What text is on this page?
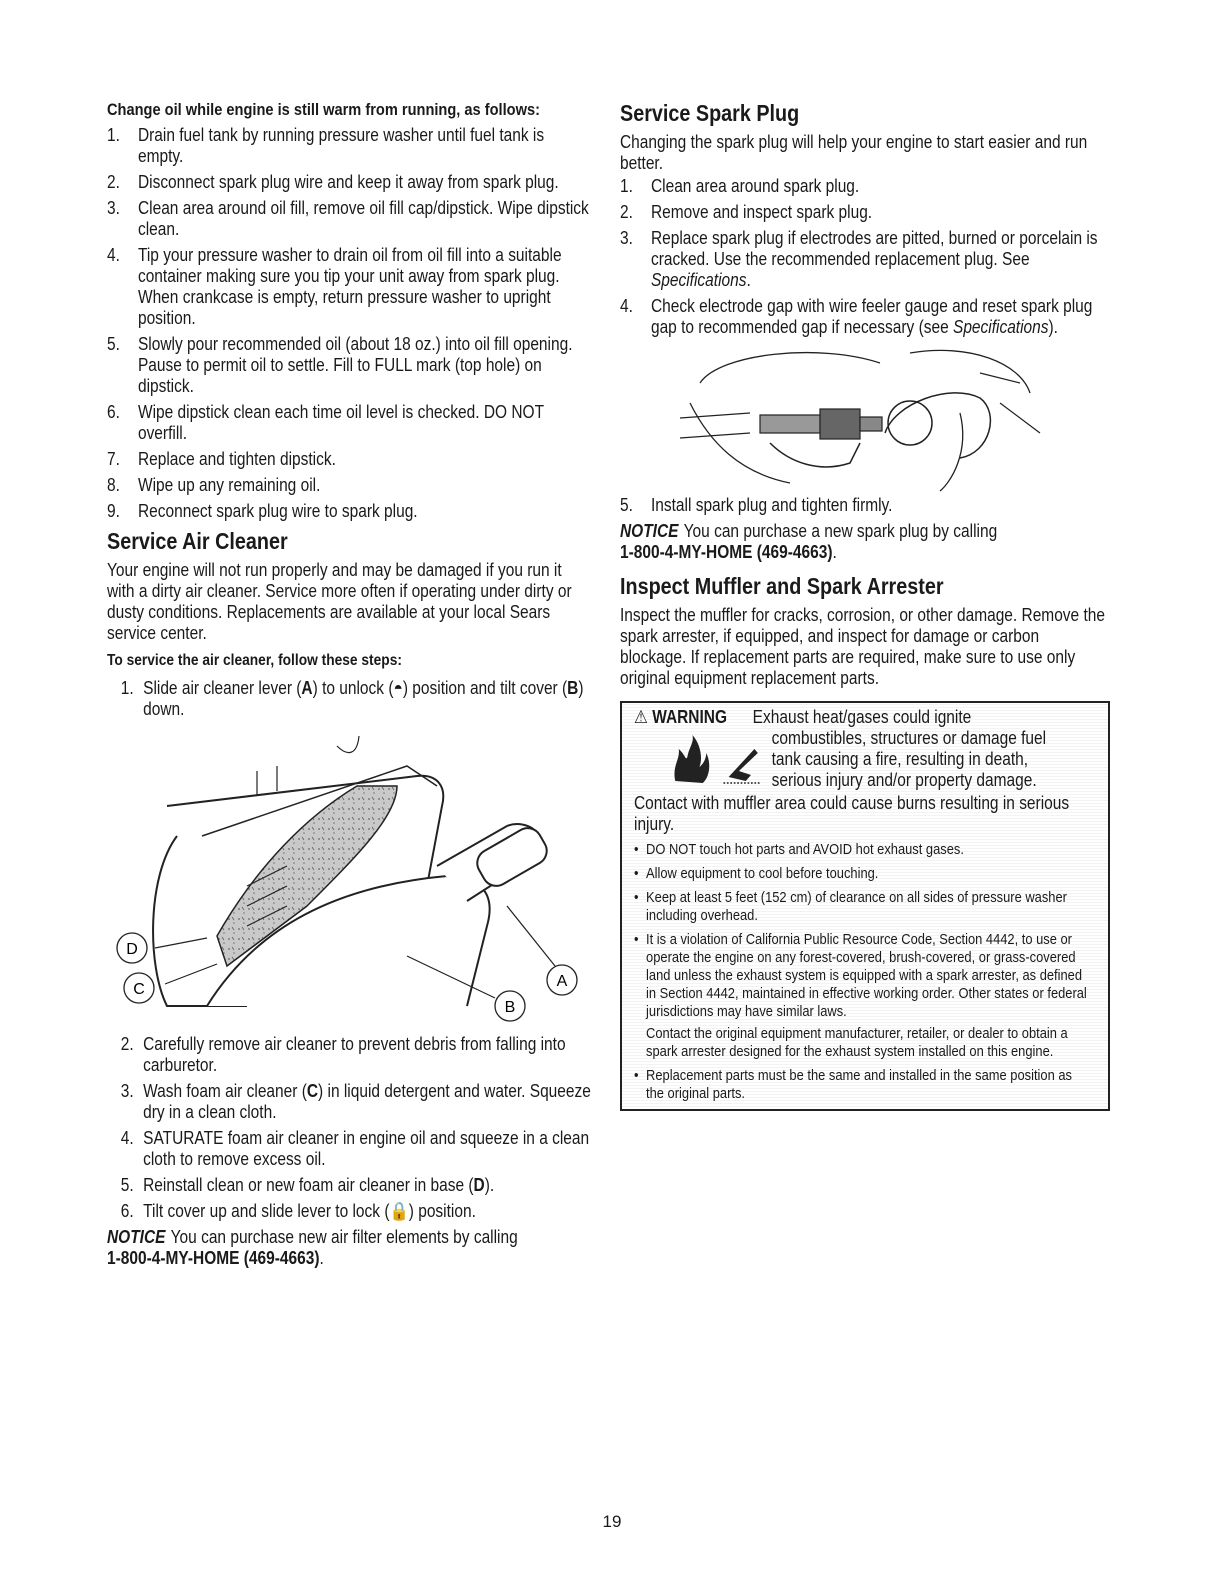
Change oil while engine is still warm from running, as follows:
1. Drain fuel tank by running pressure washer until fuel tank is empty.
2. Disconnect spark plug wire and keep it away from spark plug.
3. Clean area around oil fill, remove oil fill cap/dipstick. Wipe dipstick clean.
4. Tip your pressure washer to drain oil from oil fill into a suitable container making sure you tip your unit away from spark plug. When crankcase is empty, return pressure washer to upright position.
5. Slowly pour recommended oil (about 18 oz.) into oil fill opening. Pause to permit oil to settle. Fill to FULL mark (top hole) on dipstick.
6. Wipe dipstick clean each time oil level is checked. DO NOT overfill.
7. Replace and tighten dipstick.
8. Wipe up any remaining oil.
9. Reconnect spark plug wire to spark plug.
Service Air Cleaner

Your engine will not run properly and may be damaged if you run it with a dirty air cleaner. Service more often if operating under dirty or dusty conditions. Replacements are available at your local Sears service center.

To service the air cleaner, follow these steps:
1. Slide air cleaner lever (A) to unlock (◓) position and tilt cover (B) down.
D
C	A
B
2. Carefully remove air cleaner to prevent debris from falling into carburetor.
3. Wash foam air cleaner (C) in liquid detergent and water. Squeeze dry in a clean cloth.
4. SATURATE foam air cleaner in engine oil and squeeze in a clean cloth to remove excess oil.
5. Reinstall clean or new foam air cleaner in base (D).
6. Tilt cover up and slide lever to lock (🔒) position.
NOTICE You can purchase new air filter elements by calling
1-800-4-MY-HOME (469-4663).
Service Spark Plug

Changing the spark plug will help your engine to start easier and run better.

1. Clean area around spark plug.
2. Remove and inspect spark plug.
3. Replace spark plug if electrodes are pitted, burned or porcelain is cracked. Use the recommended replacement plug. See Specifications.
4. Check electrode gap with wire feeler gauge and reset spark plug gap to recommended gap if necessary (see Specifications).
5. Install spark plug and tighten firmly.
NOTICE You can purchase a new spark plug by calling
1-800-4-MY-HOME (469-4663).
Inspect Muffler and Spark Arrester

Inspect the muffler for cracks, corrosion, or other damage. Remove the spark arrester, if equipped, and inspect for damage or carbon blockage. If replacement parts are required, make sure to use only original equipment replacement parts.

⚠ WARNING Exhaust heat/gases could ignite
combustibles, structures or damage fuel
tank causing a fire, resulting in death,
serious injury and/or property damage.
Contact with muffler area could cause burns resulting in serious injury.
• DO NOT touch hot parts and AVOID hot exhaust gases.
• Allow equipment to cool before touching.
• Keep at least 5 feet (152 cm) of clearance on all sides of pressure washer including overhead.
• It is a violation of California Public Resource Code, Section 4442, to use or operate the engine on any forest-covered, brush-covered, or grass-covered land unless the exhaust system is equipped with a spark arrester, as defined in Section 4442, maintained in effective working order. Other states or federal jurisdictions may have similar laws.
Contact the original equipment manufacturer, retailer, or dealer to obtain a spark arrester designed for the exhaust system installed on this engine.
• Replacement parts must be the same and installed in the same position as the original parts.
19
